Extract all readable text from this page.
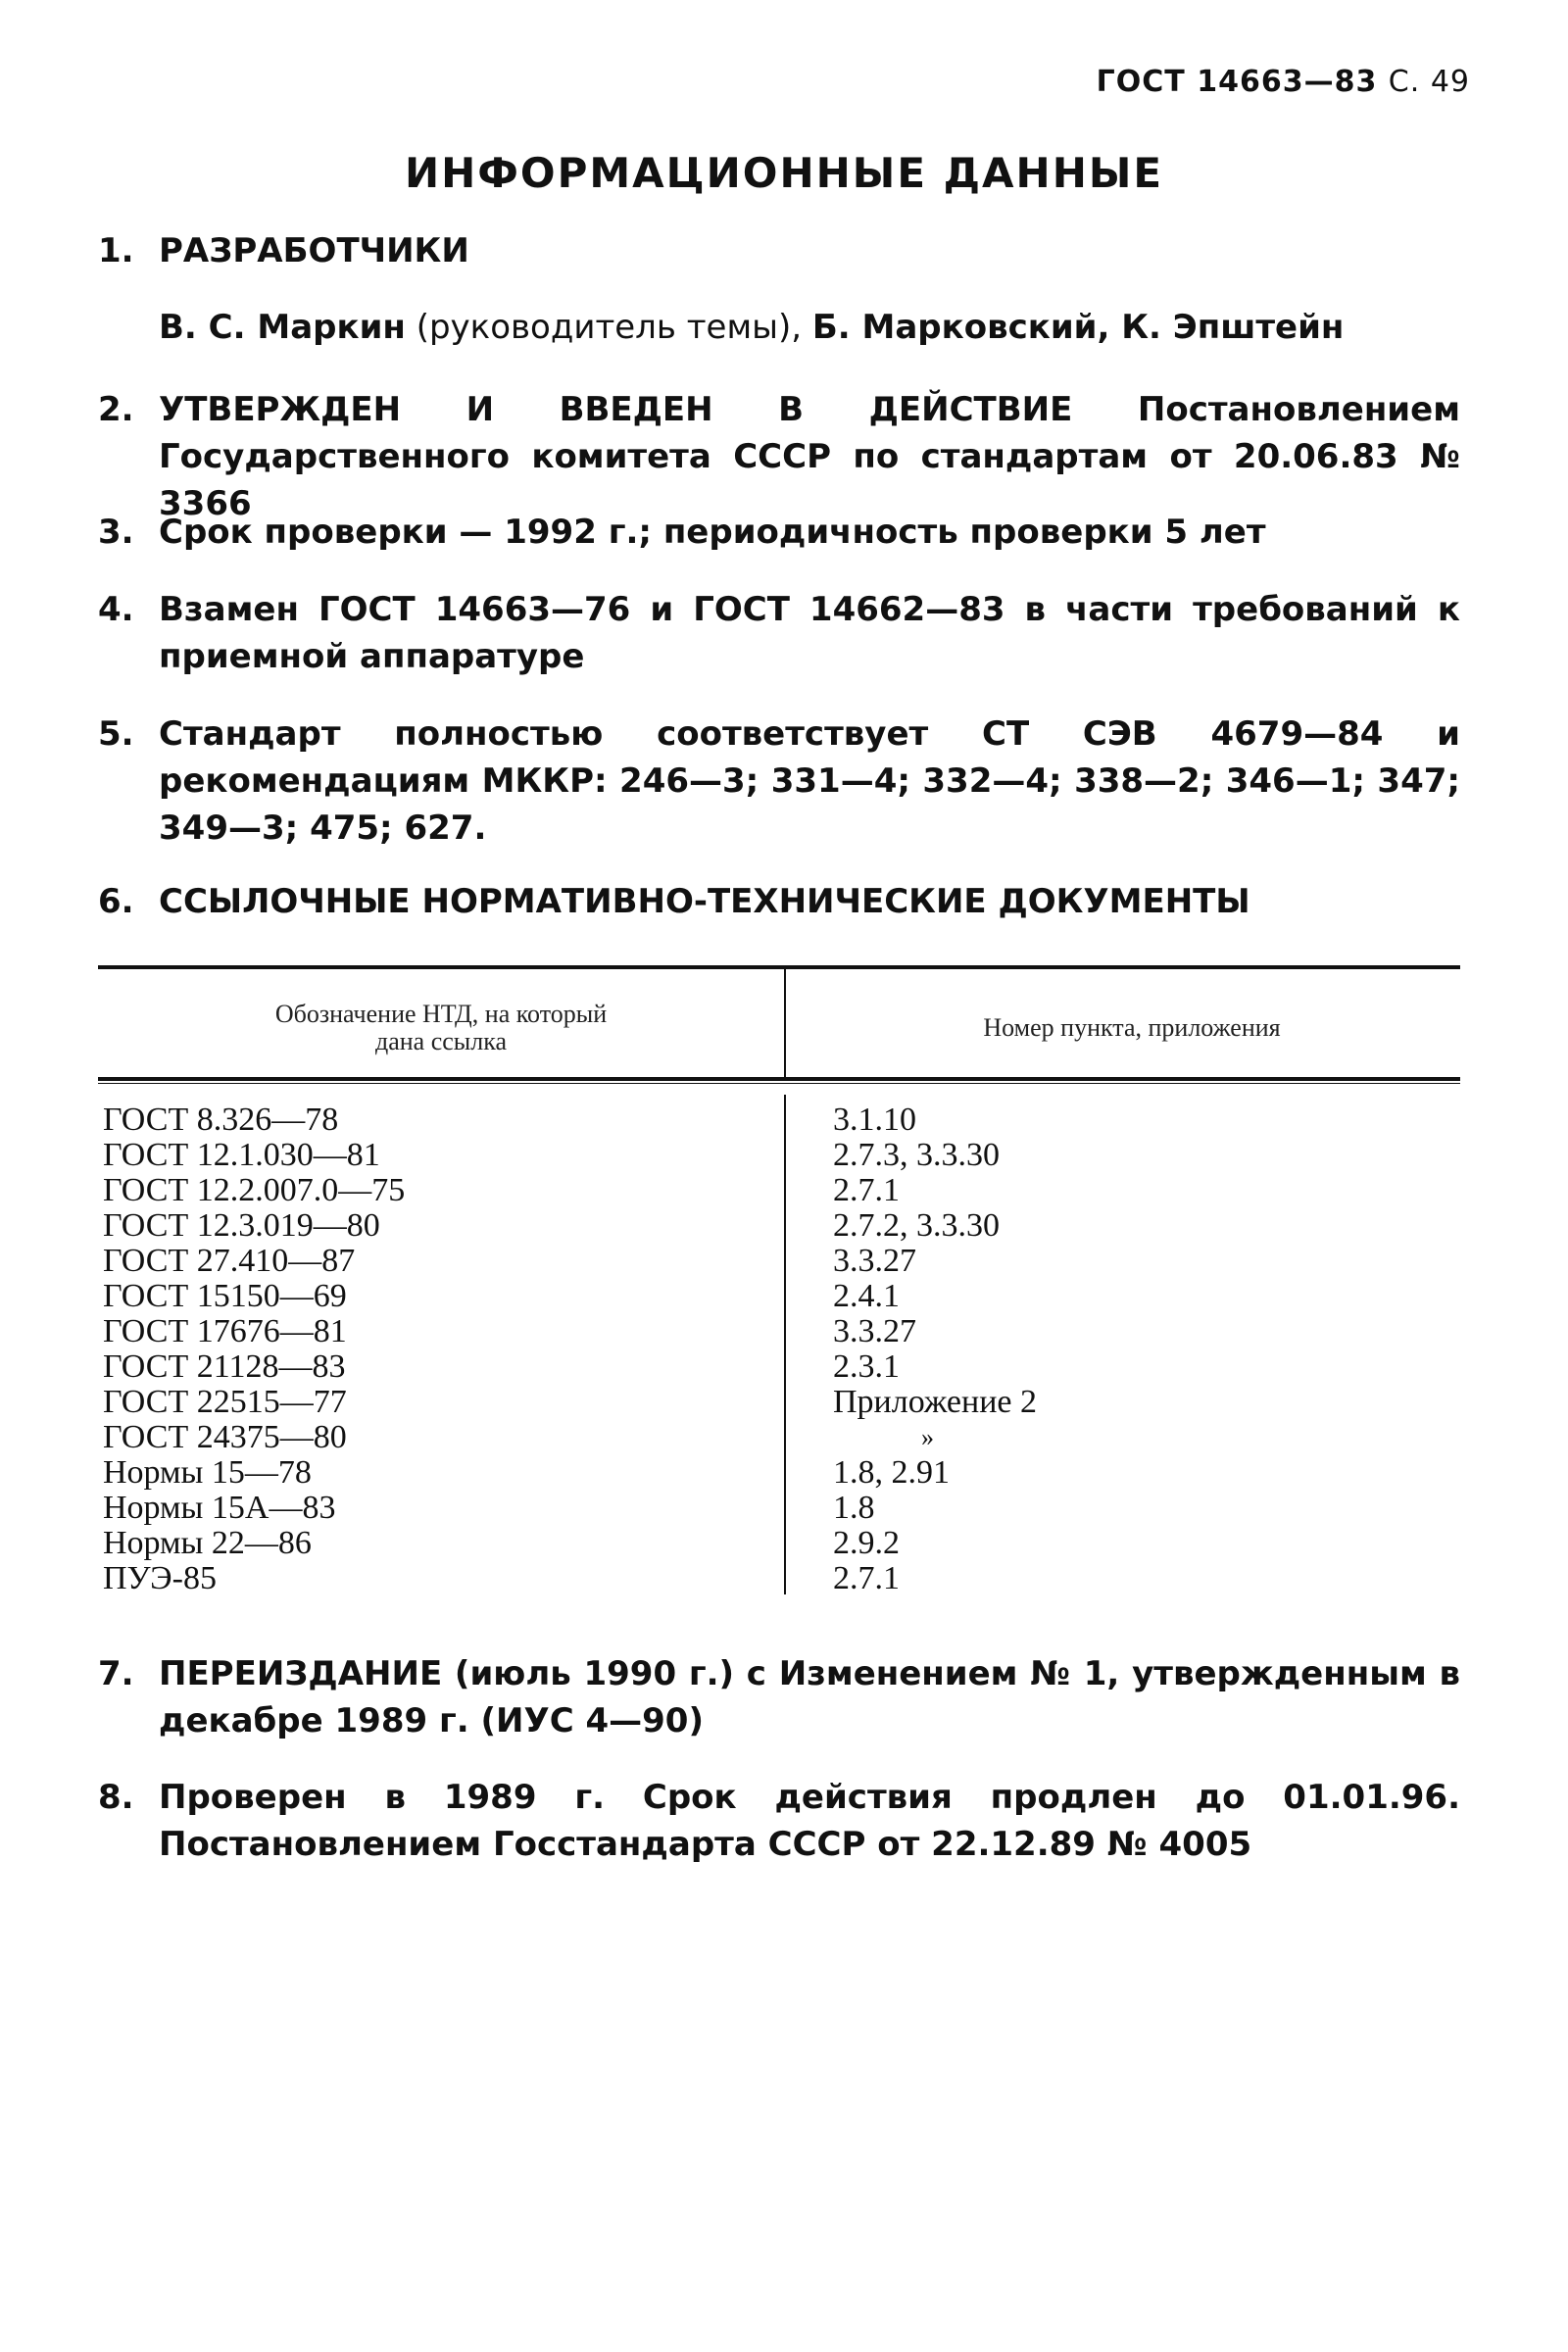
ГОСТ 14663—83 С. 49
ИНФОРМАЦИОННЫЕ ДАННЫЕ
1. РАЗРАБОТЧИКИ
В. С. Маркин (руководитель темы), Б. Марковский, К. Эпштейн
2. УТВЕРЖДЕН И ВВЕДЕН В ДЕЙСТВИЕ Постановлением Государственного комитета СССР по стандартам от 20.06.83 № 3366
3. Срок проверки — 1992 г.; периодичность проверки 5 лет
4. Взамен ГОСТ 14663—76 и ГОСТ 14662—83 в части требований к приемной аппаратуре
5. Стандарт полностью соответствует СТ СЭВ 4679—84 и рекомендациям МККР: 246—3; 331—4; 332—4; 338—2; 346—1; 347; 349—3; 475; 627.
6. ССЫЛОЧНЫЕ НОРМАТИВНО-ТЕХНИЧЕСКИЕ ДОКУМЕНТЫ
Обозначение НТД, на который
дана ссылка	Номер пункта, приложения
ГОСТ 8.326—78
ГОСТ 12.1.030—81
ГОСТ 12.2.007.0—75
ГОСТ 12.3.019—80
ГОСТ 27.410—87
ГОСТ 15150—69
ГОСТ 17676—81
ГОСТ 21128—83
ГОСТ 22515—77
ГОСТ 24375—80
Нормы 15—78
Нормы 15А—83
Нормы 22—86
ПУЭ-85
3.1.10
2.7.3, 3.3.30
2.7.1
2.7.2, 3.3.30
3.3.27
2.4.1
3.3.27
2.3.1
Приложение 2
»
1.8, 2.91
1.8
2.9.2
2.7.1
7. ПЕРЕИЗДАНИЕ (июль 1990 г.) с Изменением № 1, утвержденным в декабре 1989 г. (ИУС 4—90)
8. Проверен в 1989 г. Срок действия продлен до 01.01.96. Постановлением Госстандарта СССР от 22.12.89 № 4005
